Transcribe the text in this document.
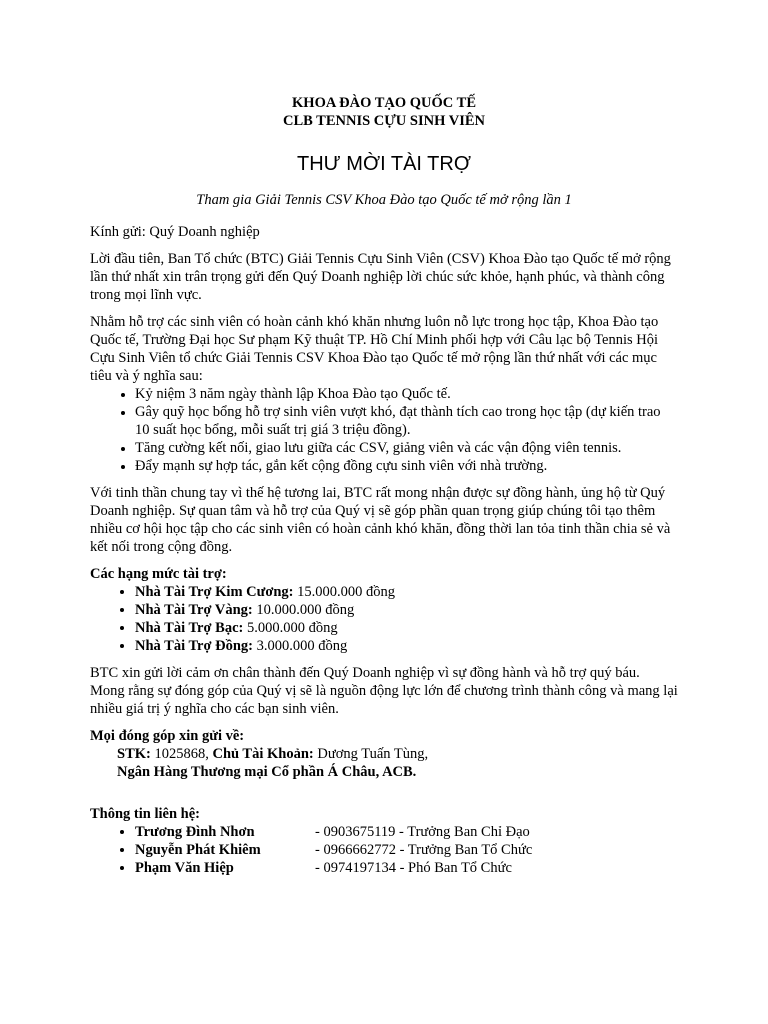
KHOA ĐÀO TẠO QUỐC TẾ
CLB TENNIS CỰU SINH VIÊN
THƯ MỜI TÀI TRỢ
Tham gia Giải Tennis CSV Khoa Đào tạo Quốc tế mở rộng lần 1

Kính gửi: Quý Doanh nghiệp

Lời đầu tiên, Ban Tổ chức (BTC) Giải Tennis Cựu Sinh Viên (CSV) Khoa Đào tạo Quốc tế mở rộng lần thứ nhất xin trân trọng gửi đến Quý Doanh nghiệp lời chúc sức khỏe, hạnh phúc, và thành công trong mọi lĩnh vực.

Nhằm hỗ trợ các sinh viên có hoàn cảnh khó khăn nhưng luôn nỗ lực trong học tập, Khoa Đào tạo Quốc tế, Trường Đại học Sư phạm Kỹ thuật TP. Hồ Chí Minh phối hợp với Câu lạc bộ Tennis Hội Cựu Sinh Viên tổ chức Giải Tennis CSV Khoa Đào tạo Quốc tế mở rộng lần thứ nhất với các mục tiêu và ý nghĩa sau:

• Kỷ niệm 3 năm ngày thành lập Khoa Đào tạo Quốc tế.
• Gây quỹ học bổng hỗ trợ sinh viên vượt khó, đạt thành tích cao trong học tập (dự kiến trao 10 suất học bổng, mỗi suất trị giá 3 triệu đồng).
• Tăng cường kết nối, giao lưu giữa các CSV, giảng viên và các vận động viên tennis.
• Đẩy mạnh sự hợp tác, gắn kết cộng đồng cựu sinh viên với nhà trường.

Với tinh thần chung tay vì thế hệ tương lai, BTC rất mong nhận được sự đồng hành, ủng hộ từ Quý Doanh nghiệp. Sự quan tâm và hỗ trợ của Quý vị sẽ góp phần quan trọng giúp chúng tôi tạo thêm nhiều cơ hội học tập cho các sinh viên có hoàn cảnh khó khăn, đồng thời lan tỏa tinh thần chia sẻ và kết nối trong cộng đồng.

Các hạng mức tài trợ:

• Nhà Tài Trợ Kim Cương: 15.000.000 đồng
• Nhà Tài Trợ Vàng: 10.000.000 đồng
• Nhà Tài Trợ Bạc: 5.000.000 đồng
• Nhà Tài Trợ Đồng: 3.000.000 đồng

BTC xin gửi lời cảm ơn chân thành đến Quý Doanh nghiệp vì sự đồng hành và hỗ trợ quý báu. Mong rằng sự đóng góp của Quý vị sẽ là nguồn động lực lớn để chương trình thành công và mang lại nhiều giá trị ý nghĩa cho các bạn sinh viên.

Mọi đóng góp xin gửi về:

STK: 1025868, Chủ Tài Khoản: Dương Tuấn Tùng,

Ngân Hàng Thương mại Cổ phần Á Châu, ACB.

Thông tin liên hệ:

• Trương Đình Nhơn	- 0903675119 - Trưởng Ban Chỉ Đạo
• Nguyễn Phát Khiêm	- 0966662772 - Trưởng Ban Tổ Chức
• Phạm Văn Hiệp	- 0974197134 - Phó Ban Tổ Chức
